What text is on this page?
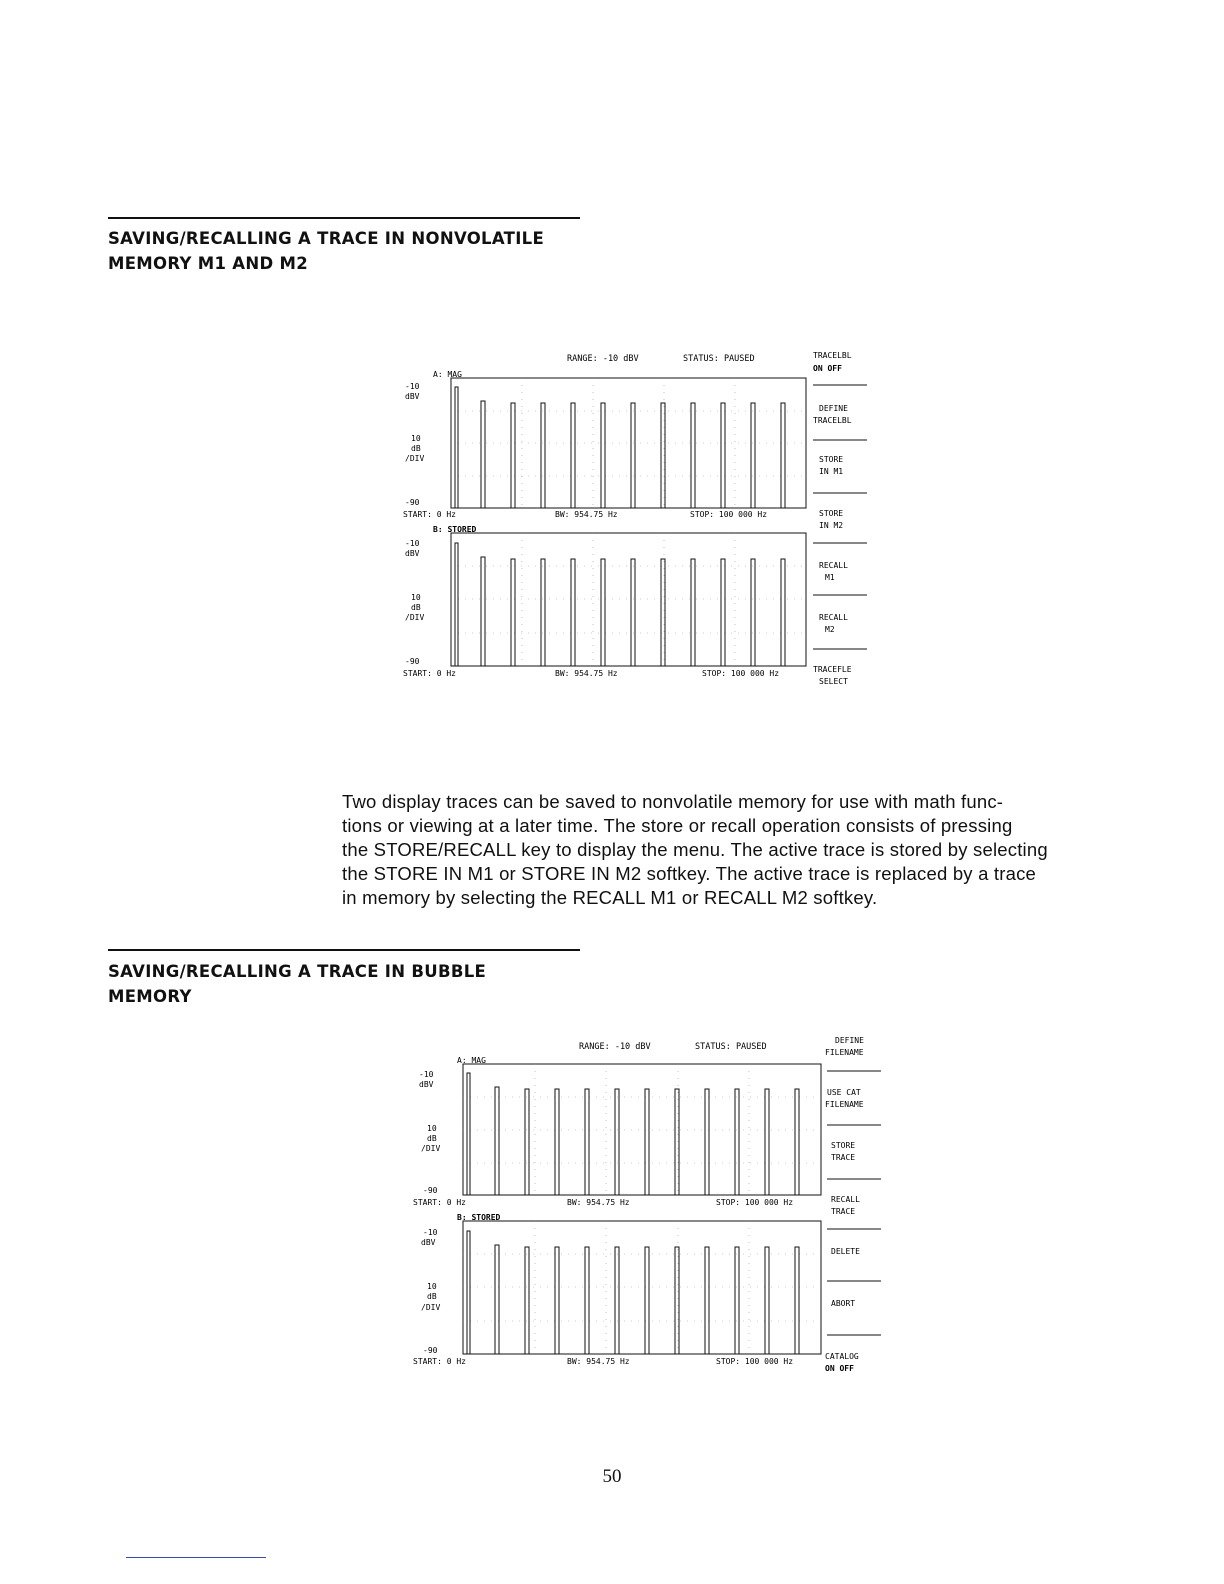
SAVING/RECALLING A TRACE IN NONVOLATILE
MEMORY M1 AND M2
RANGE: -10 dBV	STATUS: PAUSED
A: MAG
-10
dBV
10
dB
/DIV
-90
START: 0 Hz	BW: 954.75 Hz	STOP: 100 000 Hz
B: STORED
-10
dBV
10
dB
/DIV
-90
START: 0 Hz	BW: 954.75 Hz	STOP: 100 000 Hz
TRACELBL
ON OFF
DEFINE
TRACELBL
STORE
IN M1
STORE
IN M2
RECALL
M1
RECALL
M2
TRACEFLE
SELECT
Two display traces can be saved to nonvolatile memory for use with math func-
tions or viewing at a later time. The store or recall operation consists of pressing
the STORE/RECALL key to display the menu. The active trace is stored by selecting
the STORE IN M1 or STORE IN M2 softkey. The active trace is replaced by a trace
in memory by selecting the RECALL M1 or RECALL M2 softkey.
SAVING/RECALLING A TRACE IN BUBBLE
MEMORY
RANGE: -10 dBV	STATUS: PAUSED
A: MAG
-10
dBV
10
dB
/DIV
-90
START: 0 Hz	BW: 954.75 Hz	STOP: 100 000 Hz
B: STORED
-10
dBV
10
dB
/DIV
-90
START: 0 Hz	BW: 954.75 Hz	STOP: 100 000 Hz
DEFINE
FILENAME
USE CAT
FILENAME
STORE
TRACE
RECALL
TRACE
DELETE
ABORT
CATALOG
ON OFF
50
